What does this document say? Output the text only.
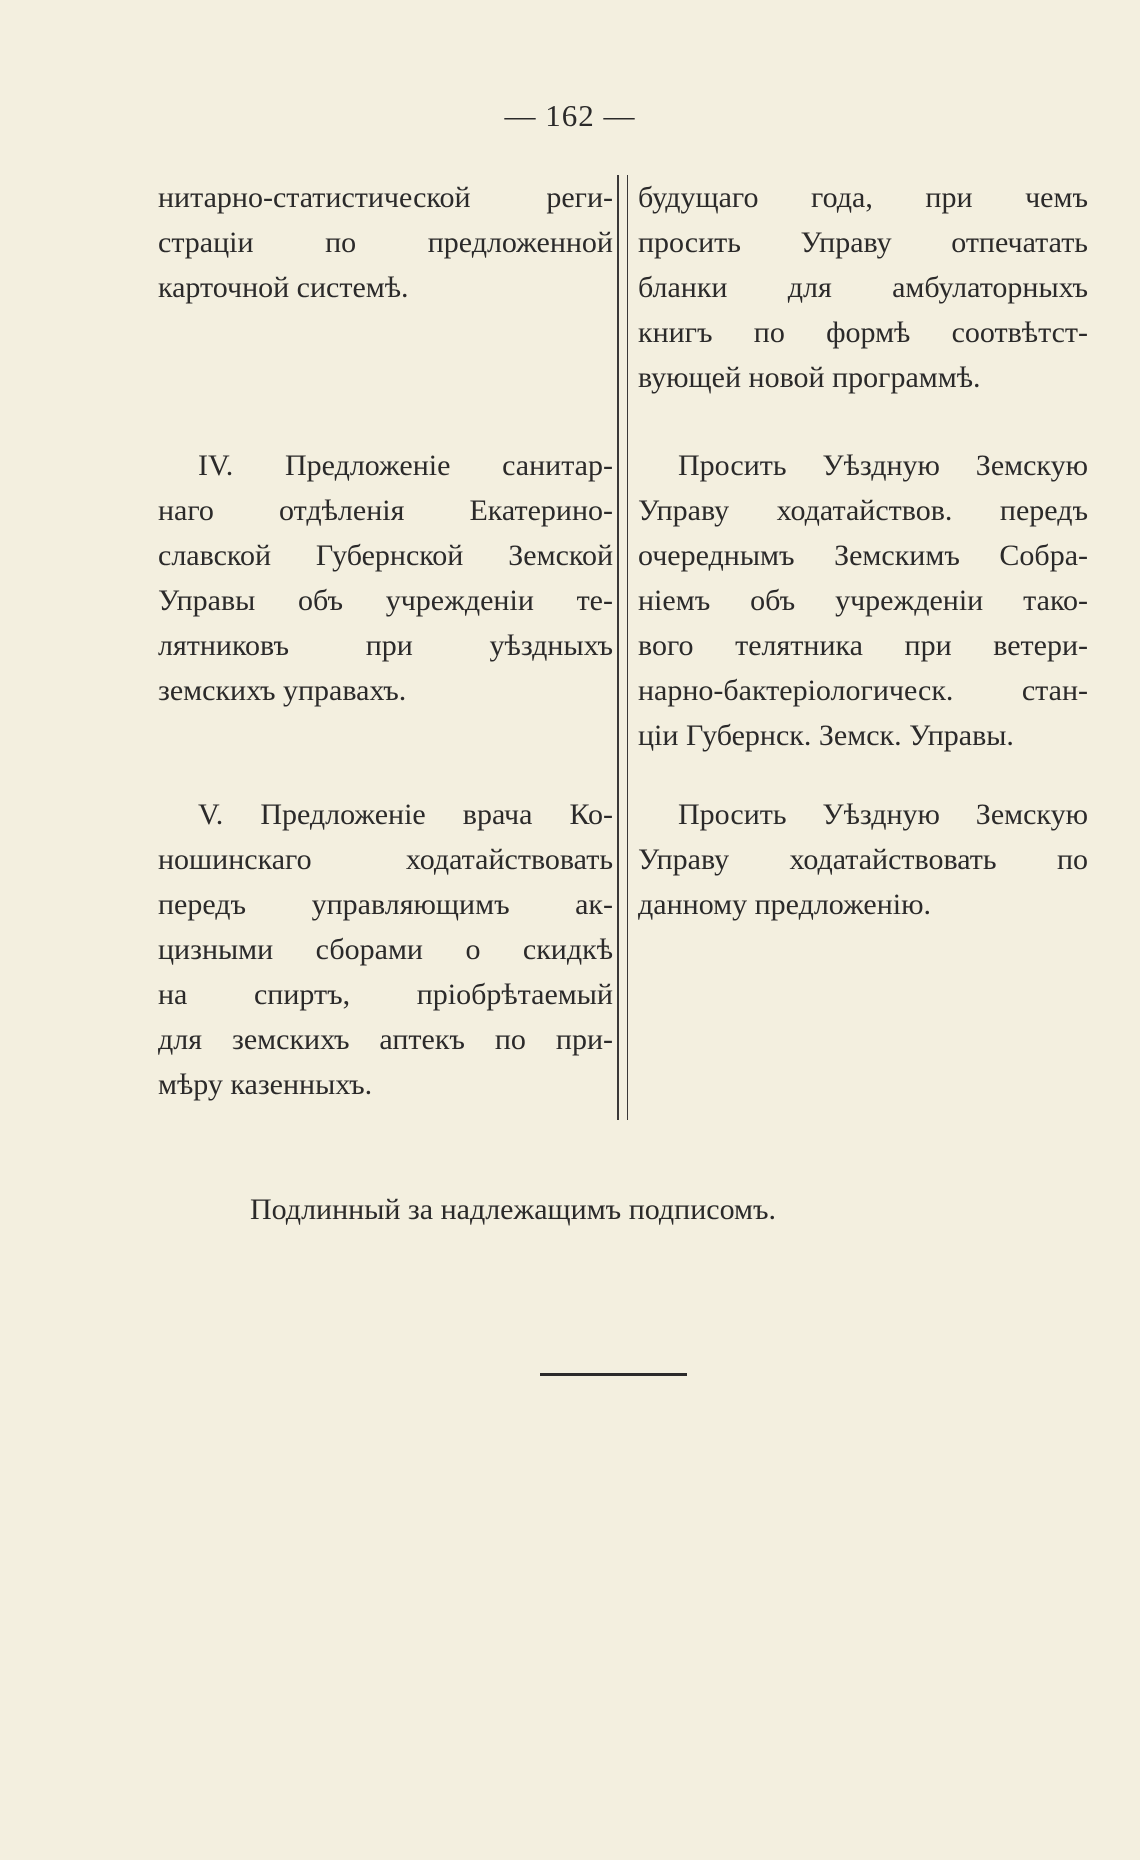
— 162 —
нитарно-статистической реги-
страціи по предложенной
карточной системѣ.
IV. Предложеніе санитар-
наго отдѣленія Екатерино-
славской Губернской Земской
Управы объ учрежденіи те-
лятниковъ при уѣздныхъ
земскихъ управахъ.
V. Предложеніе врача Ко-
ношинскаго ходатайствовать
передъ управляющимъ ак-
цизными сборами о скидкѣ
на спиртъ, пріобрѣтаемый
для земскихъ аптекъ по при-
мѣру казенныхъ.
будущаго года, при чемъ
просить Управу отпечатать
бланки для амбулаторныхъ
книгъ по формѣ соотвѣтст-
вующей новой программѣ.
Просить Уѣздную Земскую
Управу ходатайствов. передъ
очереднымъ Земскимъ Собра-
ніемъ объ учрежденіи тако-
вого телятника при ветери-
нарно-бактеріологическ. стан-
ціи Губернск. Земск. Управы.
Просить Уѣздную Земскую
Управу ходатайствовать по
данному предложенію.
Подлинный за надлежащимъ подписомъ.
